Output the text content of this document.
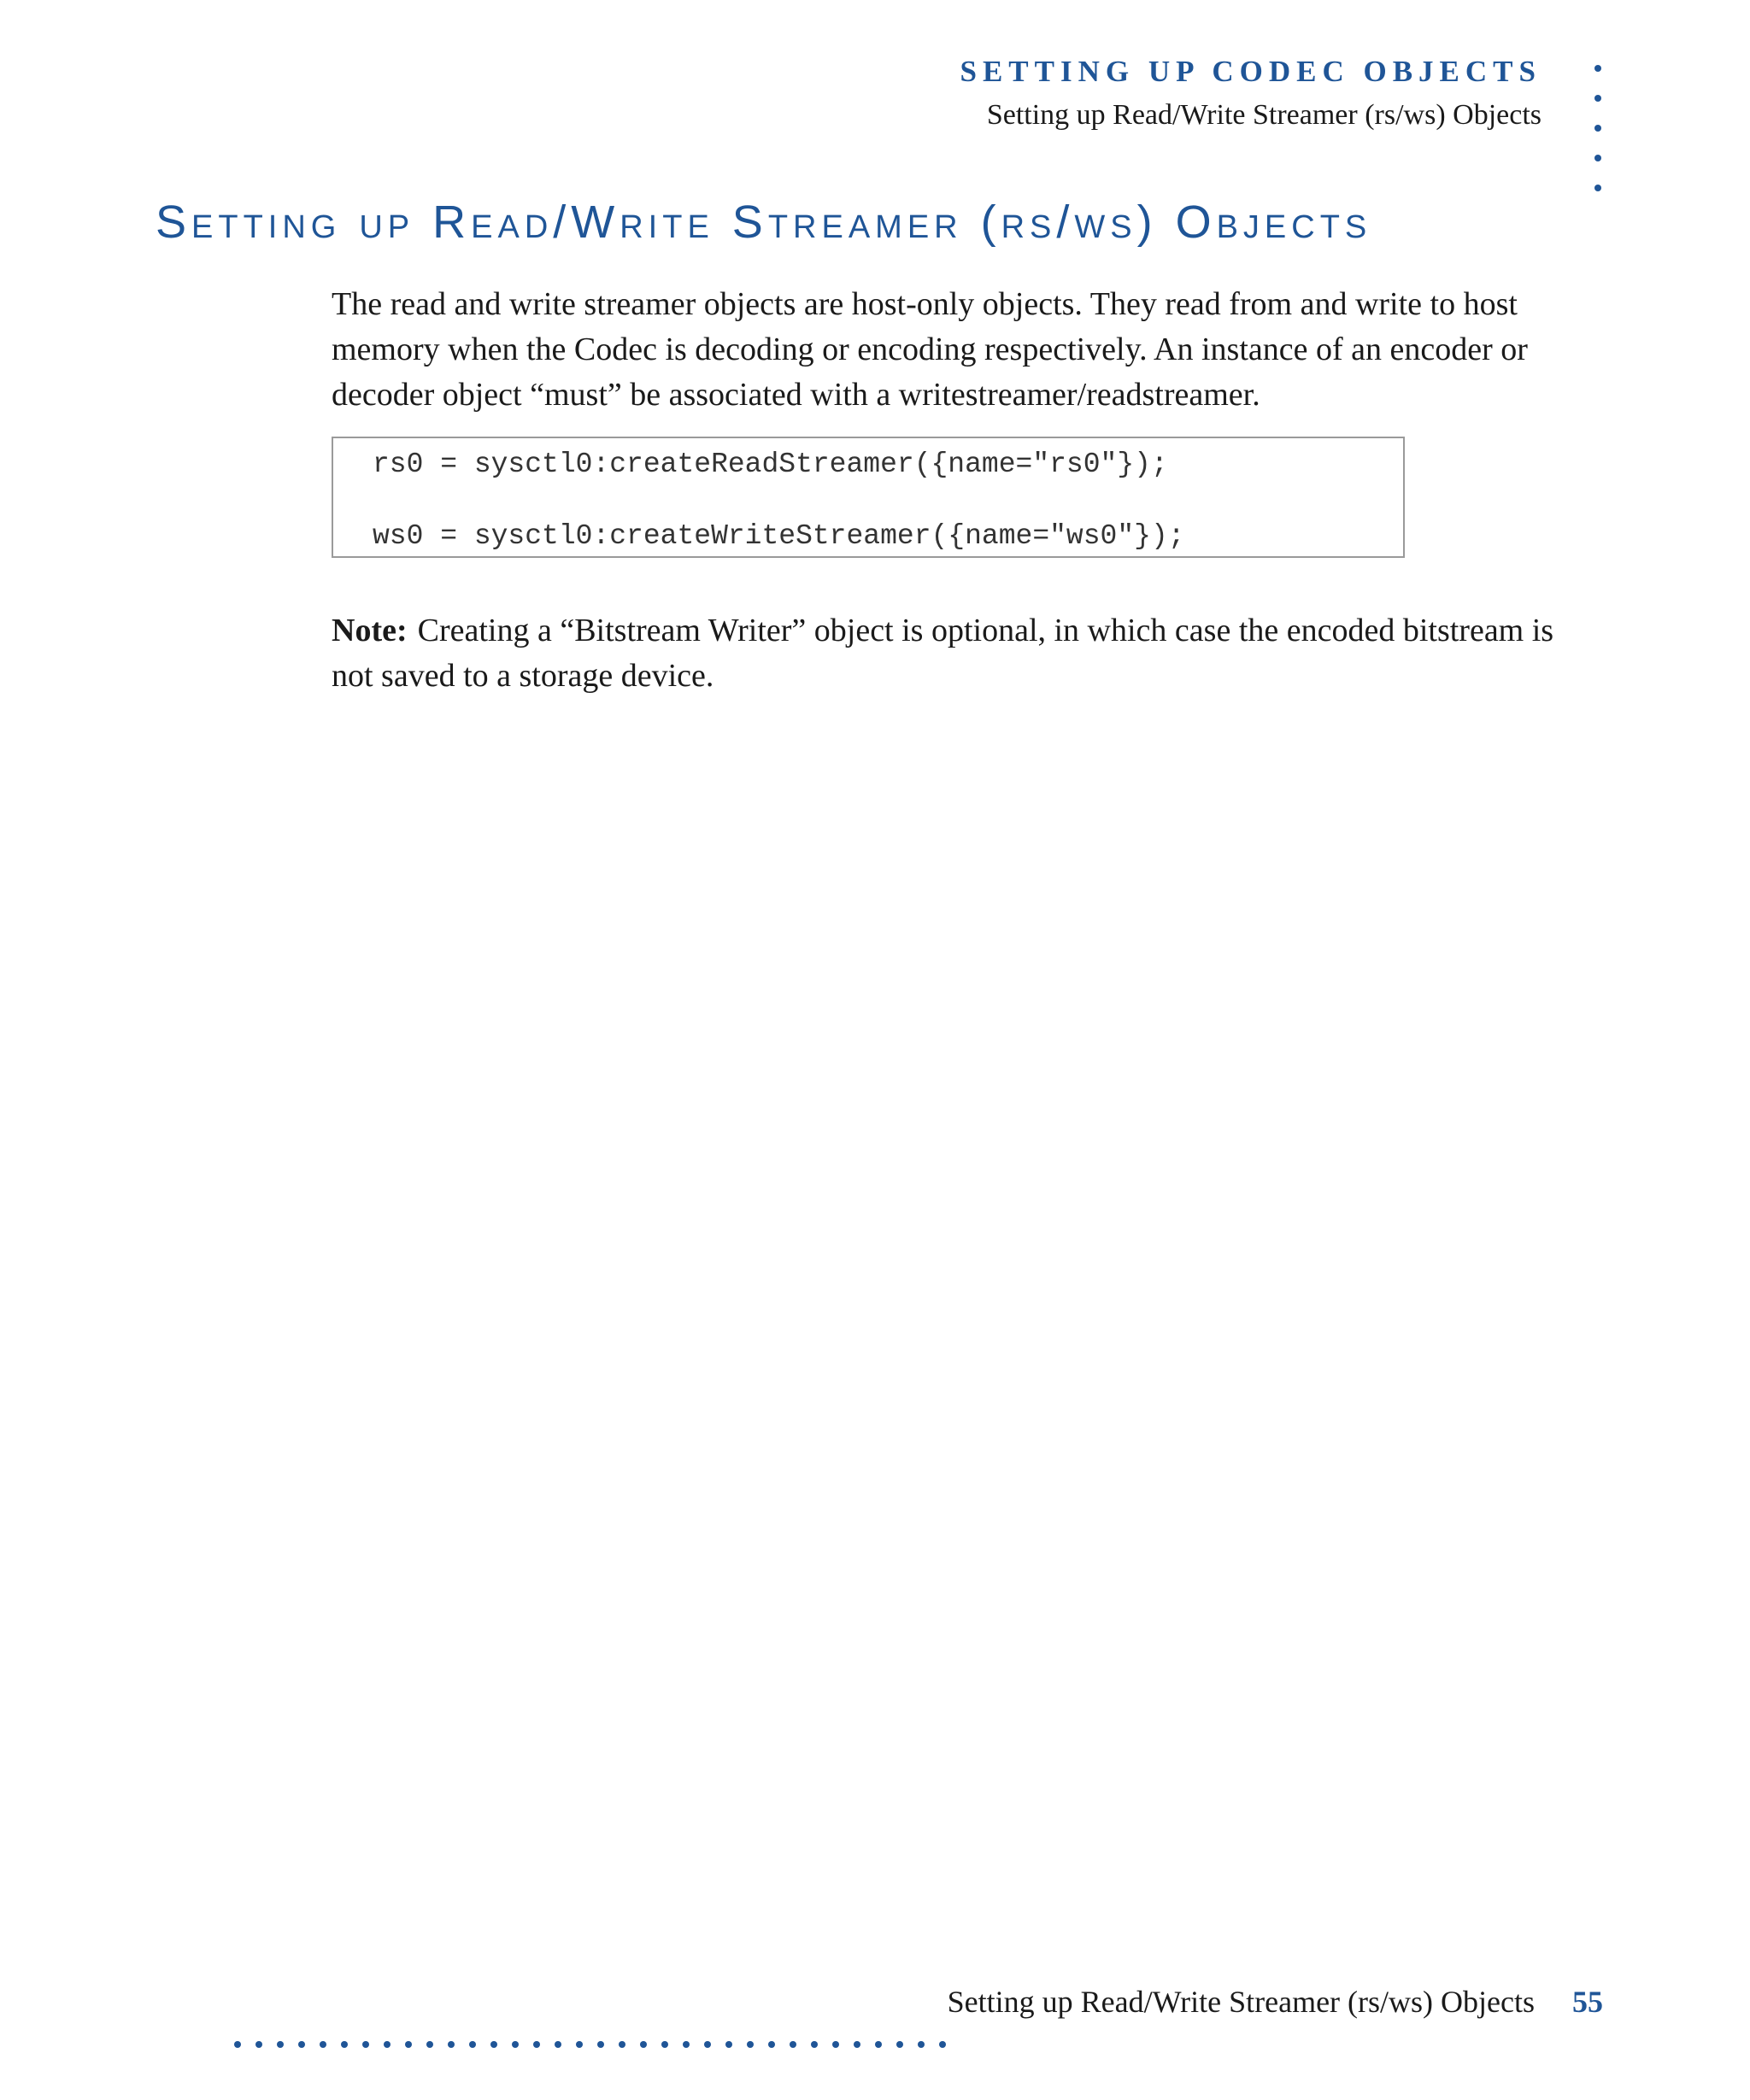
SETTING UP CODEC OBJECTS
Setting up Read/Write Streamer (rs/ws) Objects
Setting up Read/Write Streamer (rs/ws) Objects
The read and write streamer objects are host-only objects. They read from and write to host memory when the Codec is decoding or encoding respectively. An instance of an encoder or decoder object “must” be associated with a writestreamer/readstreamer.
rs0 = sysctl0:createReadStreamer({name="rs0"});
ws0 = sysctl0:createWriteStreamer({name="ws0"});
Note: Creating a “Bitstream Writer” object is optional, in which case the encoded bitstream is not saved to a storage device.
Setting up Read/Write Streamer (rs/ws) Objects 55
